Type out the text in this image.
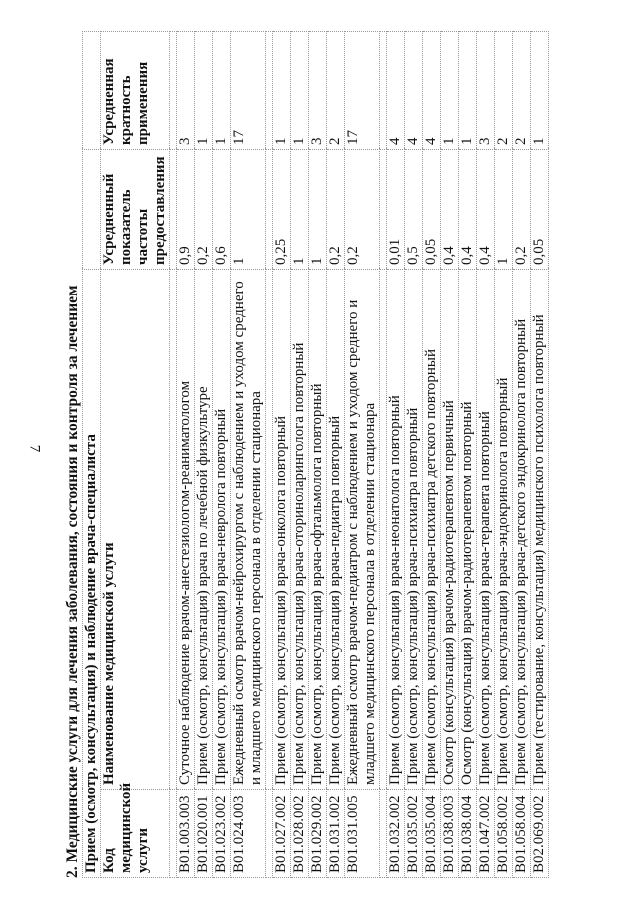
7 2. Медицинские услуги для лечения заболевания, состояния и контроля за лечением Прием (осмотр, консультация) и наблюдение врача-специалиста			
Код медицинской услуги	Наименование медицинской услуги	Усредненный показатель частоты предоставления	Усредненная кратность применения

B01.003.003	Суточное наблюдение врачом-анестезиологом-реаниматологом	0,9	3
B01.020.001	Прием (осмотр, консультация) врача по лечебной физкультуре	0,2	1
B01.023.002	Прием (осмотр, консультация) врача-невролога повторный	0,6	1
B01.024.003	Ежедневный осмотр врачом-нейрохирургом с наблюдением и уходом среднего и младшего медицинского персонала в отделении стационара	1	17

B01.027.002	Прием (осмотр, консультация) врача-онколога повторный	0,25	1
B01.028.002	Прием (осмотр, консультация) врача-оториноларинголога повторный	1	1
B01.029.002	Прием (осмотр, консультация) врача-офтальмолога повторный	1	3
B01.031.002	Прием (осмотр, консультация) врача-педиатра повторный	0,2	2
B01.031.005	Ежедневный осмотр врачом-педиатром с наблюдением и уходом среднего и младшего медицинского персонала в отделении стационара	0,2	17

B01.032.002	Прием (осмотр, консультация) врача-неонатолога повторный	0,01	4
B01.035.002	Прием (осмотр, консультация) врача-психиатра повторный	0,5	4
B01.035.004	Прием (осмотр, консультация) врача-психиатра детского повторный	0,05	4
B01.038.003	Осмотр (консультация) врачом-радиотерапевтом первичный	0,4	1
B01.038.004	Осмотр (консультация) врачом-радиотерапевтом повторный	0,4	1
B01.047.002	Прием (осмотр, консультация) врача-терапевта повторный	0,4	3
B01.058.002	Прием (осмотр, консультация) врача-эндокринолога повторный	1	2
B01.058.004	Прием (осмотр, консультация) врача-детского эндокринолога повторный	0,2	2
B02.069.002	Прием (тестирование, консультация) медицинского психолога повторный	0,05	1
